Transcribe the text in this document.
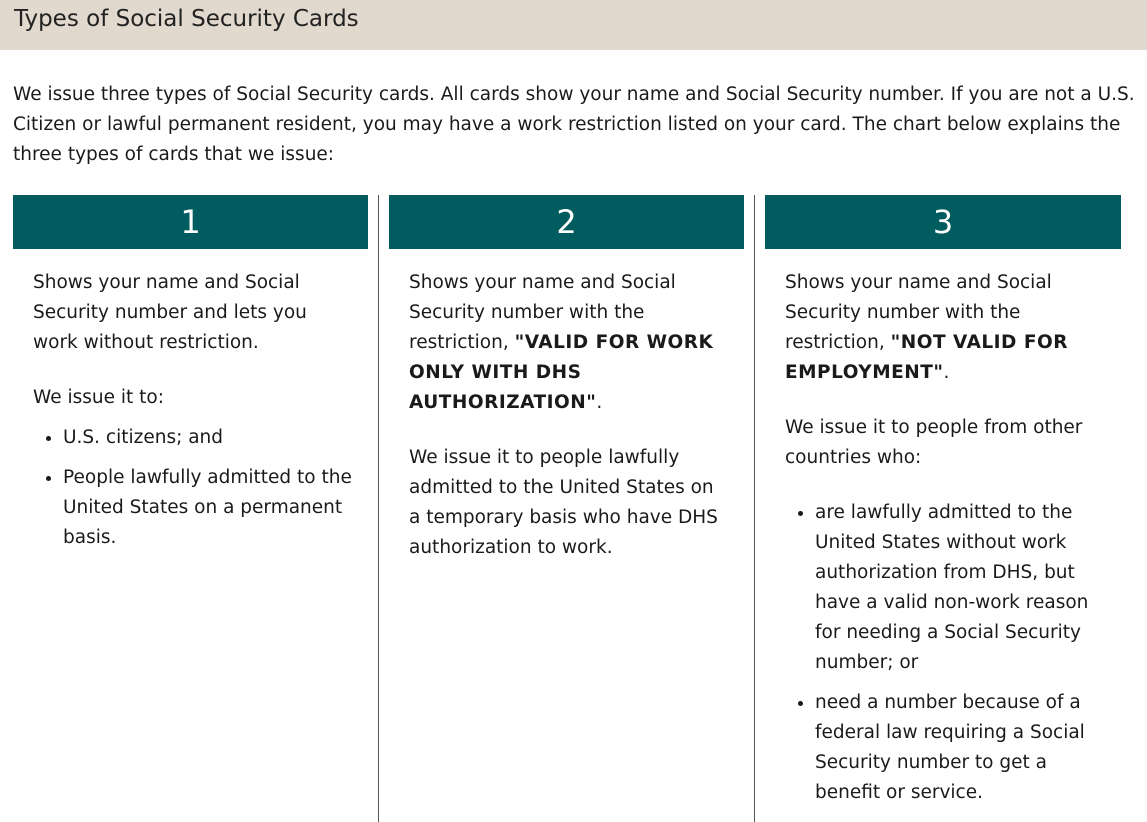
Types of Social Security Cards

We issue three types of Social Security cards. All cards show your name and Social Security number. If you are not a U.S. Citizen or lawful permanent resident, you may have a work restriction listed on your card. The chart below explains the three types of cards that we issue:

1	2	3

Shows your name and Social Security number and lets you work without restriction.

We issue it to:

• U.S. citizens; and
• People lawfully admitted to the United States on a permanent basis.

Shows your name and Social Security number with the restriction, "VALID FOR WORK ONLY WITH DHS AUTHORIZATION".

We issue it to people lawfully admitted to the United States on a temporary basis who have DHS authorization to work.

Shows your name and Social Security number with the restriction, "NOT VALID FOR EMPLOYMENT".

We issue it to people from other countries who:

• are lawfully admitted to the United States without work authorization from DHS, but have a valid non-work reason for needing a Social Security number; or
• need a number because of a federal law requiring a Social Security number to get a benefit or service.
